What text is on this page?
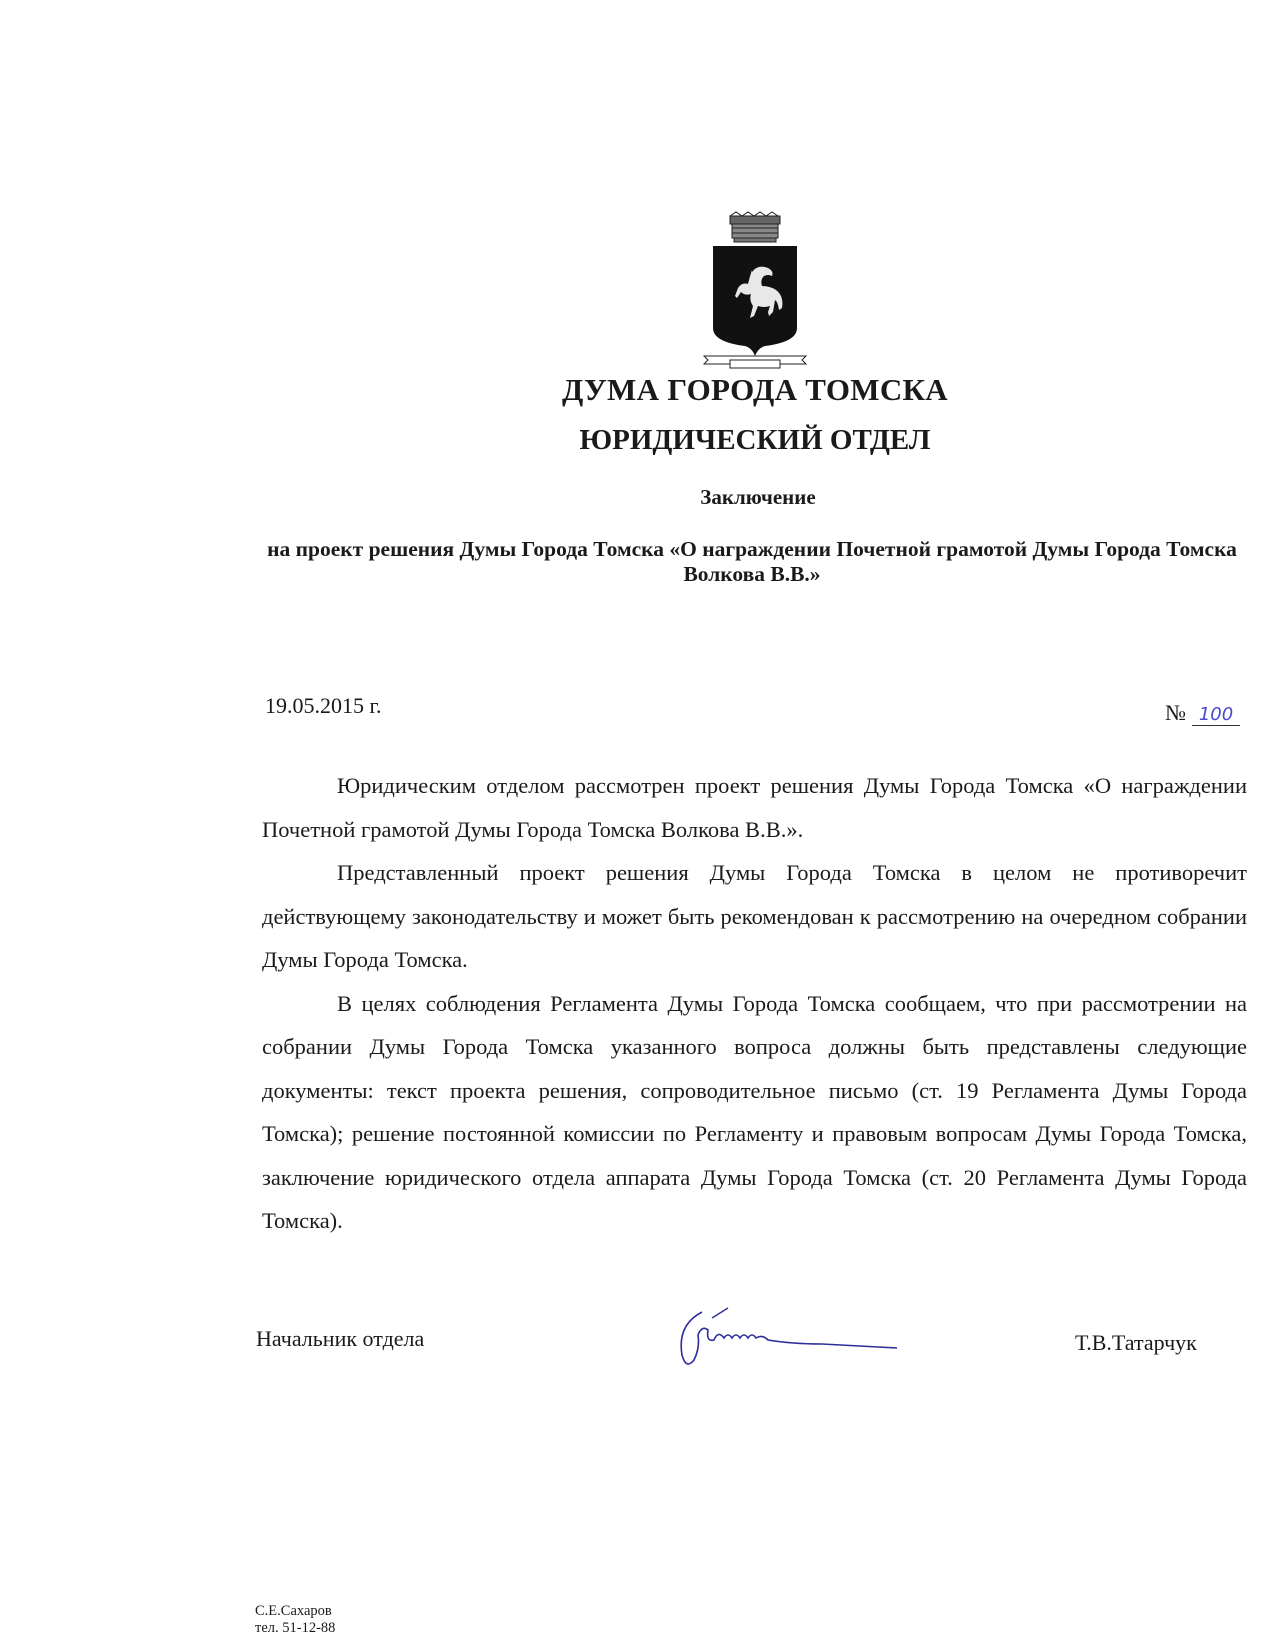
ДУМА ГОРОДА ТОМСКА
ЮРИДИЧЕСКИЙ ОТДЕЛ
Заключение
на проект решения Думы Города Томска «О награждении Почетной грамотой Думы Города Томска Волкова В.В.»
19.05.2015 г.	№ 100

Юридическим отделом рассмотрен проект решения Думы Города Томска «О награждении Почетной грамотой Думы Города Томска Волкова В.В.».

Представленный проект решения Думы Города Томска в целом не противоречит действующему законодательству и может быть рекомендован к рассмотрению на очередном собрании Думы Города Томска.

В целях соблюдения Регламента Думы Города Томска сообщаем, что при рассмотрении на собрании Думы Города Томска указанного вопроса должны быть представлены следующие документы: текст проекта решения, сопроводительное письмо (ст. 19 Регламента Думы Города Томска); решение постоянной комиссии по Регламенту и правовым вопросам Думы Города Томска, заключение юридического отдела аппарата Думы Города Томска (ст. 20 Регламента Думы Города Томска).

Начальник отдела	Т.В.Татарчук
С.Е.Сахаров
тел. 51-12-88
